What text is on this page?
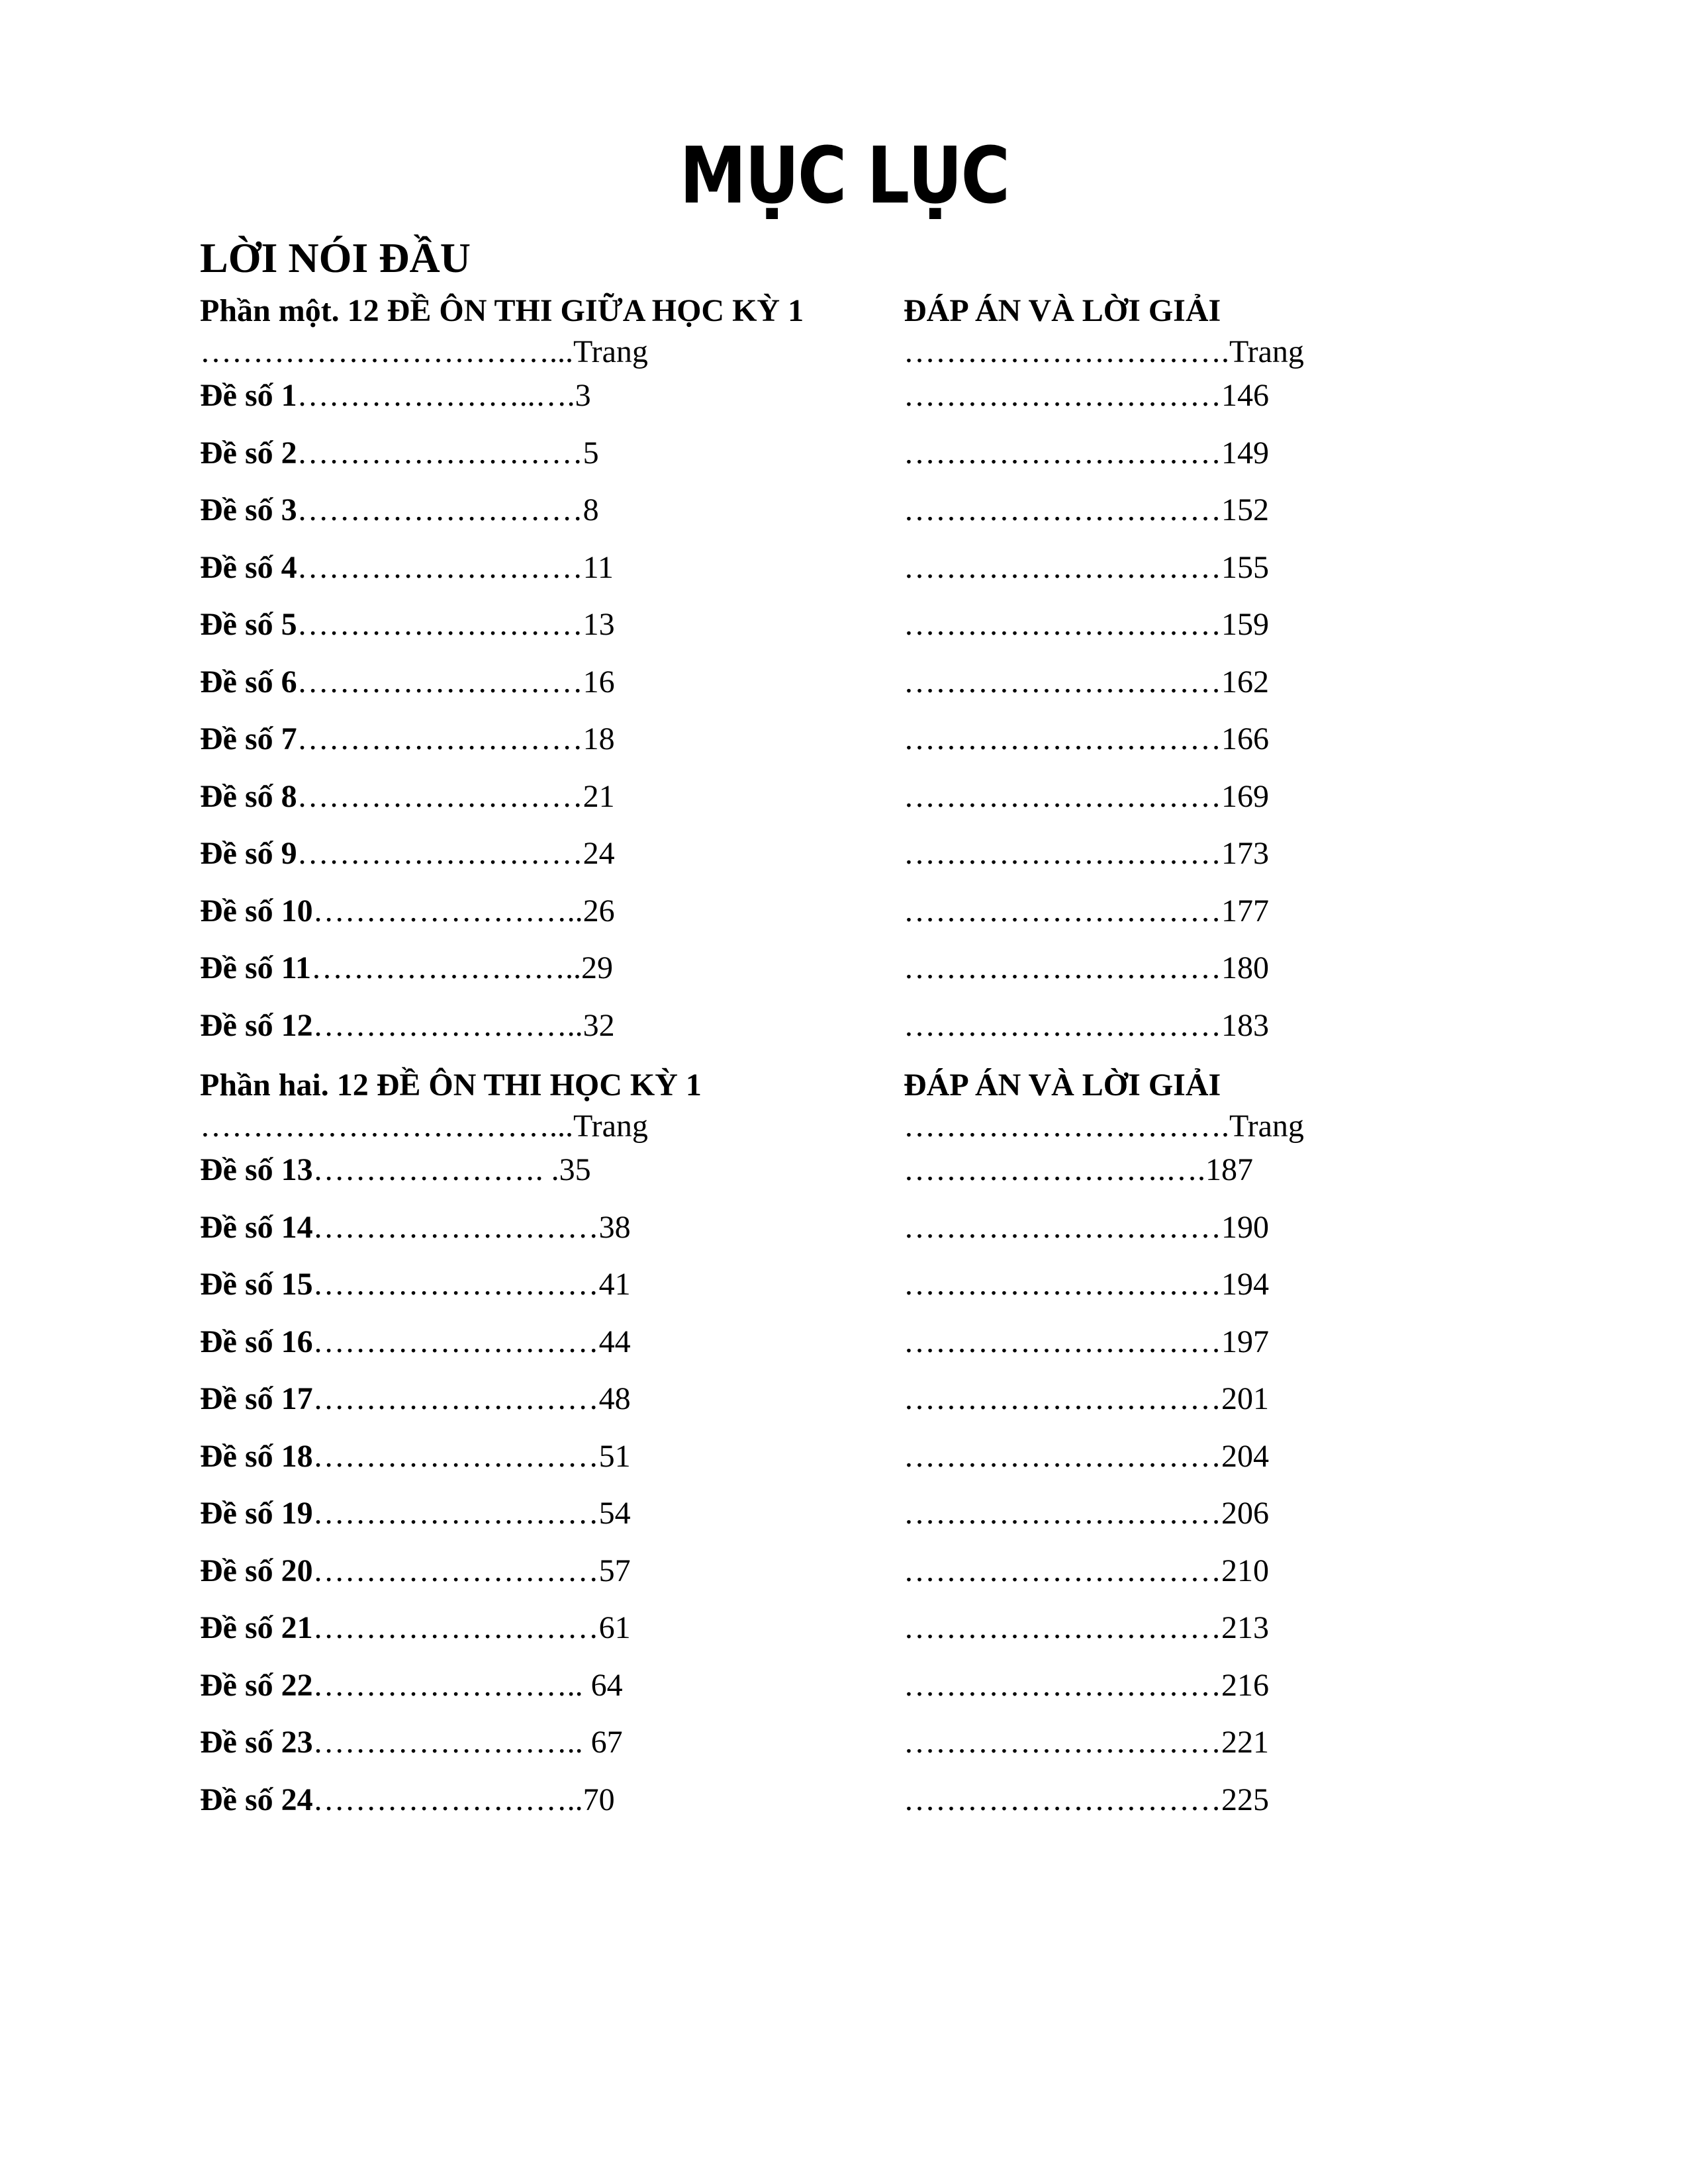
MỤC LỤC
LỜI NÓI ĐẦU
Phần một. 12 ĐỀ ÔN THI GIỮA HỌC KỲ 1
……………………………...Trang
Đề số 1…………………..….3
Đề số 2………………………5
Đề số 3………………………8
Đề số 4………………………11
Đề số 5………………………13
Đề số 6………………………16
Đề số 7………………………18
Đề số 8………………………21
Đề số 9………………………24
Đề số 10……………………..26
Đề số 11……………………..29
Đề số 12……………………..32
Phần hai. 12 ĐỀ ÔN THI HỌC KỲ 1
……………………………...Trang
Đề số 13…………………. .35
Đề số 14………………………38
Đề số 15………………………41
Đề số 16………………………44
Đề số 17………………………48
Đề số 18………………………51
Đề số 19………………………54
Đề số 20………………………57
Đề số 21………………………61
Đề số 22…………………….. 64
Đề số 23…………………….. 67
Đề số 24……………………..70
ĐÁP ÁN VÀ LỜI GIẢI
………………………….Trang
…………………………146
…………………………149
…………………………152
…………………………155
…………………………159
…………………………162
…………………………166
…………………………169
…………………………173
…………………………177
…………………………180
…………………………183
ĐÁP ÁN VÀ LỜI GIẢI
………………………….Trang
…………………….….187
…………………………190
…………………………194
…………………………197
…………………………201
…………………………204
…………………………206
…………………………210
…………………………213
…………………………216
…………………………221
…………………………225
